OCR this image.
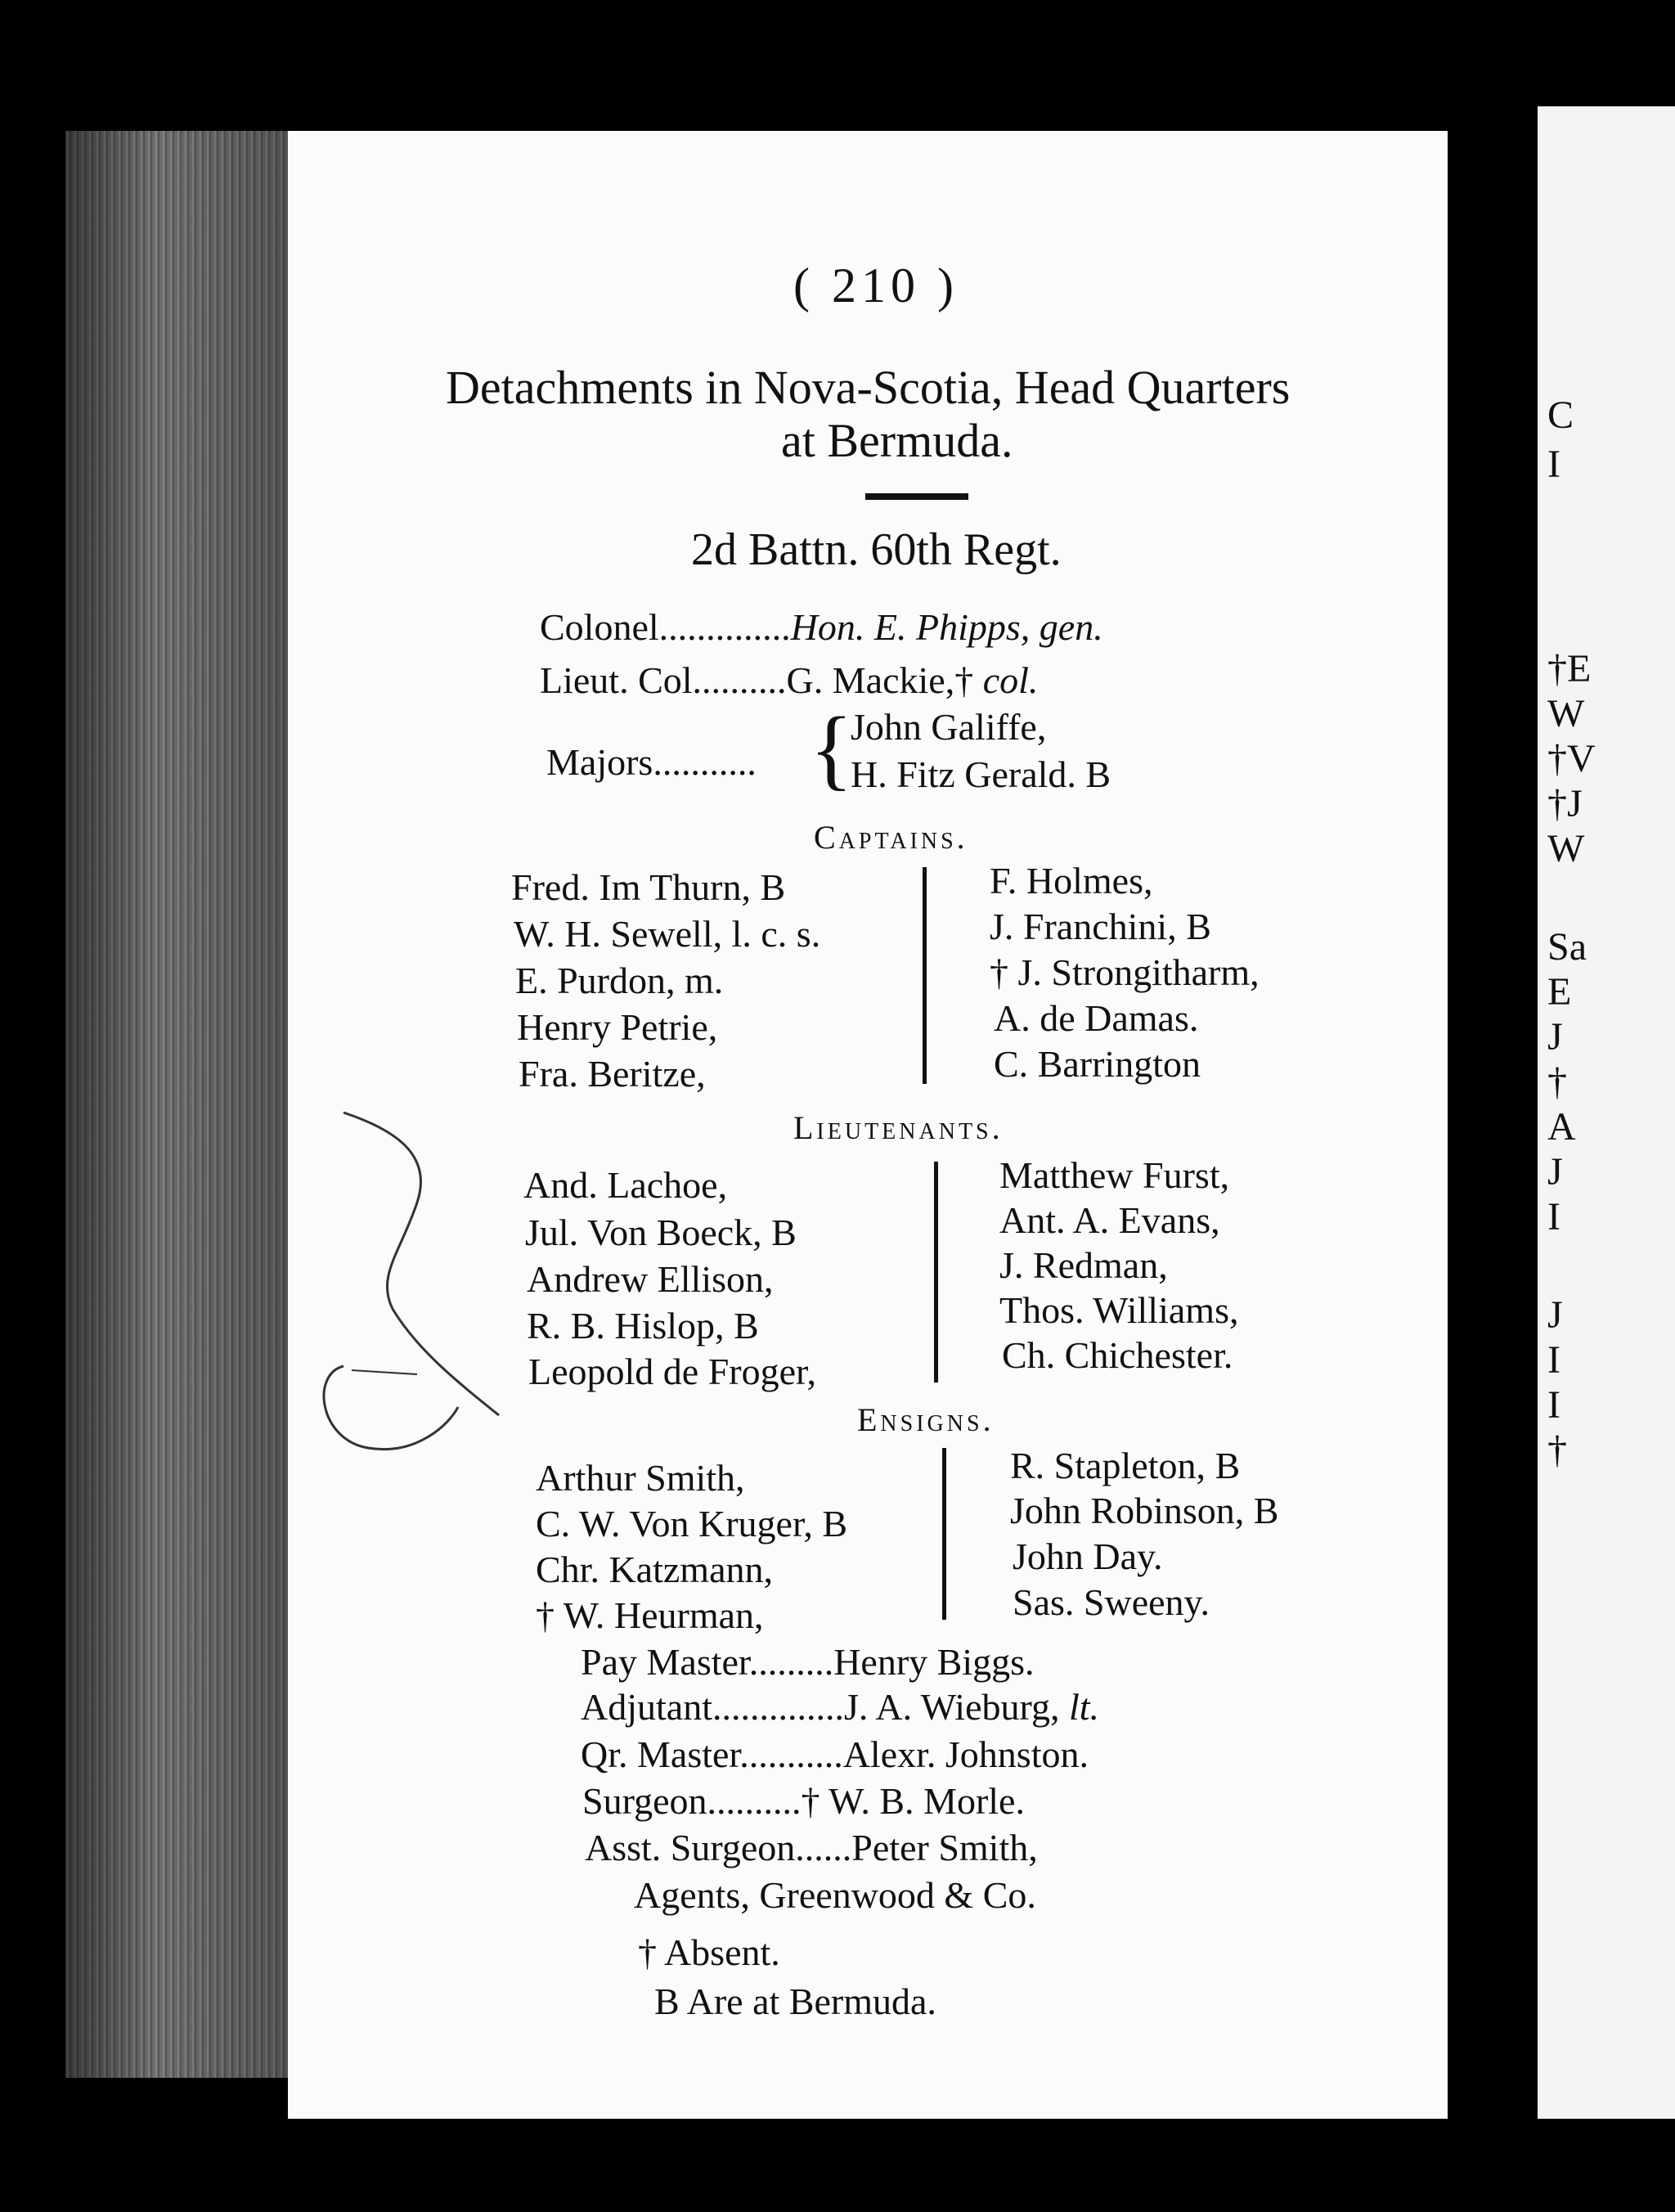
( 210 )
Detachments in Nova-Scotia, Head Quarters
at Bermuda.
2d Battn. 60th Regt.
Colonel..............Hon. E. Phipps, gen.
Lieut. Col..........G. Mackie,† col.
Majors........... {
John Galiffe,
H. Fitz Gerald. B
Captains.
Fred. Im Thurn, B
W. H. Sewell, l. c. s.
E. Purdon, m.
Henry Petrie,
Fra. Beritze,
F. Holmes,
J. Franchini, B
† J. Strongitharm,
A. de Damas.
C. Barrington
Lieutenants.
And. Lachoe,
Jul. Von Boeck, B
Andrew Ellison,
R. B. Hislop, B
Leopold de Froger,
Matthew Furst,
Ant. A. Evans,
J. Redman,
Thos. Williams,
Ch. Chichester.
Ensigns.
Arthur Smith,
C. W. Von Kruger, B
Chr. Katzmann,
† W. Heurman,
R. Stapleton, B
John Robinson, B
John Day.
Sas. Sweeny.
Pay Master.........Henry Biggs.
Adjutant..............J. A. Wieburg, lt.
Qr. Master...........Alexr. Johnston.
Surgeon..........† W. B. Morle.
Asst. Surgeon......Peter Smith,
Agents, Greenwood & Co.
† Absent.
B Are at Bermuda.
C
I
†E
W
†V
†J
W
Sa
E
J
†
A
J
I
J
I
I
†
